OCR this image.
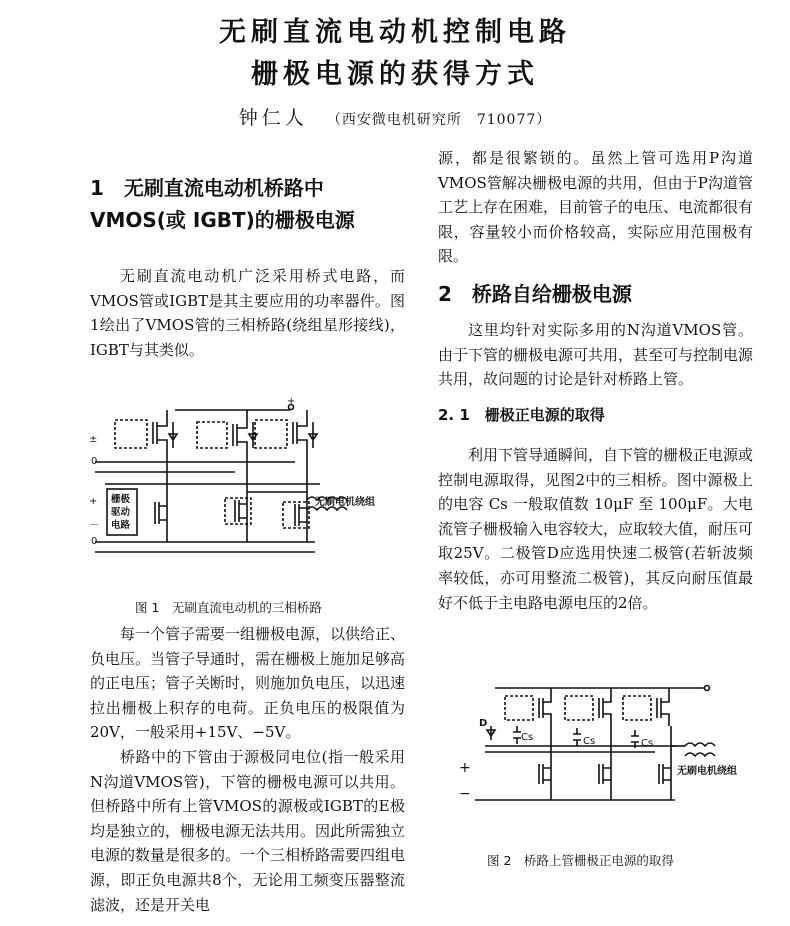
无刷直流电动机控制电路
栅极电源的获得方式
钟仁人 （西安微电机研究所　710077）
1　无刷直流电动机桥路中
VMOS(或 IGBT)的栅极电源

无刷直流电动机广泛采用桥式电路，而VMOS管或IGBT是其主要应用的功率器件。图1绘出了VMOS管的三相桥路(绕组星形接线)，IGBT与其类似。

+
±
0
+
－
0
栅极
驱动
电路
无刷电机绕组
图 1　无刷直流电动机的三相桥路

每一个管子需要一组栅极电源，以供给正、负电压。当管子导通时，需在栅极上施加足够高的正电压；管子关断时，则施加负电压，以迅速拉出栅极上积存的电荷。正负电压的极限值为20V，一般采用+15V、−5V。

桥路中的下管由于源极同电位(指一般采用N沟道VMOS管)，下管的栅极电源可以共用。但桥路中所有上管VMOS的源极或IGBT的E极均是独立的，栅极电源无法共用。因此所需独立电源的数量是很多的。一个三相桥路需要四组电源，即正负电源共8个，无论用工频变压器整流滤波，还是开关电

源，都是很繁锁的。虽然上管可选用P沟道VMOS管解决栅极电源的共用，但由于P沟道管工艺上存在困难，目前管子的电压、电流都很有限，容量较小而价格较高，实际应用范围极有限。

2　桥路自给栅极电源

这里均针对实际多用的N沟道VMOS管。由于下管的栅极电源可共用，甚至可与控制电源共用，故问题的讨论是针对桥路上管。

2. 1　栅极正电源的取得

利用下管导通瞬间，自下管的栅极正电源或控制电源取得，见图2中的三相桥。图中源极上的电容 Cs 一般取值数 10μF 至 100μF。大电流管子栅极输入电容较大，应取较大值，耐压可取25V。二极管D应选用快速二极管(若斩波频率较低，亦可用整流二极管)，其反向耐压值最好不低于主电路电源电压的2倍。

D
Cs	Cs	Cs
+
−
无刷电机绕组
图 2　桥路上管栅极正电源的取得
